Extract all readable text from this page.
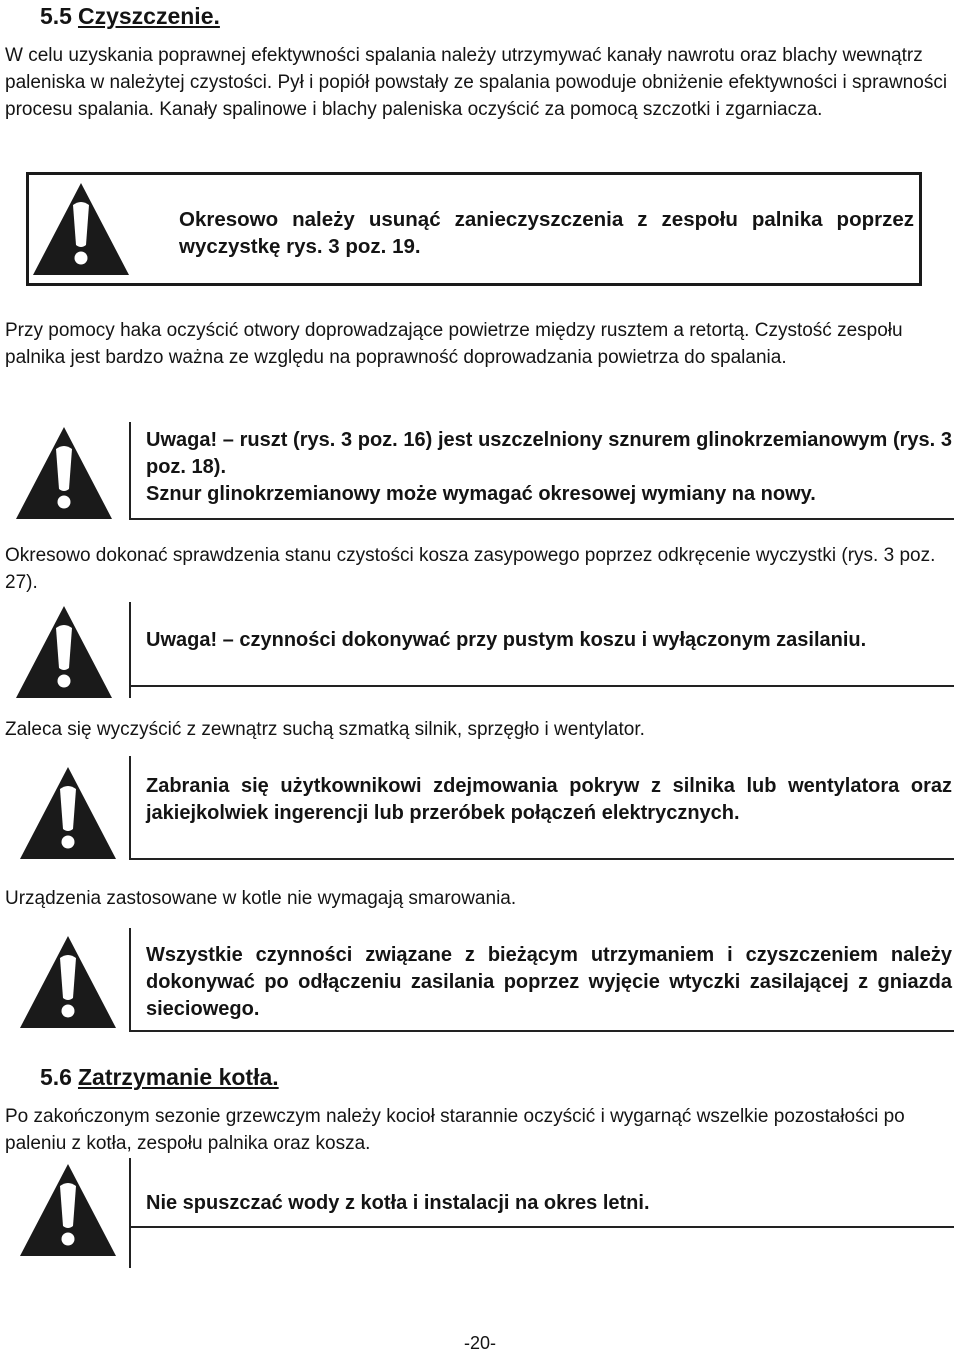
5.5 Czyszczenie.
W celu uzyskania poprawnej efektywności spalania należy utrzymywać kanały nawrotu oraz blachy wewnątrz paleniska w należytej czystości. Pył i popiół powstały ze spalania powoduje obniżenie efektywności i sprawności procesu spalania. Kanały spalinowe i blachy paleniska oczyścić za pomocą szczotki i zgarniacza.
Okresowo należy usunąć zanieczyszczenia z zespołu palnika poprzez wyczystkę rys. 3 poz. 19.
Przy pomocy haka oczyścić otwory doprowadzające powietrze między rusztem a retortą. Czystość zespołu palnika jest bardzo ważna ze względu na poprawność doprowadzania powietrza do spalania.
Uwaga! – ruszt (rys. 3 poz. 16) jest uszczelniony sznurem glinokrzemianowym (rys. 3 poz. 18).
Sznur glinokrzemianowy może wymagać okresowej wymiany na nowy.
Okresowo dokonać sprawdzenia stanu czystości kosza zasypowego poprzez odkręcenie wyczystki (rys. 3 poz. 27).
Uwaga! – czynności dokonywać przy pustym koszu i wyłączonym zasilaniu.
Zaleca się wyczyścić z zewnątrz suchą szmatką silnik, sprzęgło i wentylator.
Zabrania się użytkownikowi zdejmowania pokryw z silnika lub wentylatora oraz jakiejkolwiek ingerencji lub przeróbek połączeń elektrycznych.
Urządzenia zastosowane w kotle nie wymagają smarowania.
Wszystkie czynności związane z bieżącym utrzymaniem i czyszczeniem należy dokonywać po odłączeniu zasilania poprzez wyjęcie wtyczki zasilającej z gniazda sieciowego.
5.6 Zatrzymanie kotła.
Po zakończonym sezonie grzewczym należy kocioł starannie oczyścić i wygarnąć wszelkie pozostałości po paleniu z kotła, zespołu palnika oraz kosza.
Nie spuszczać wody z kotła i instalacji na okres letni.
-20-
